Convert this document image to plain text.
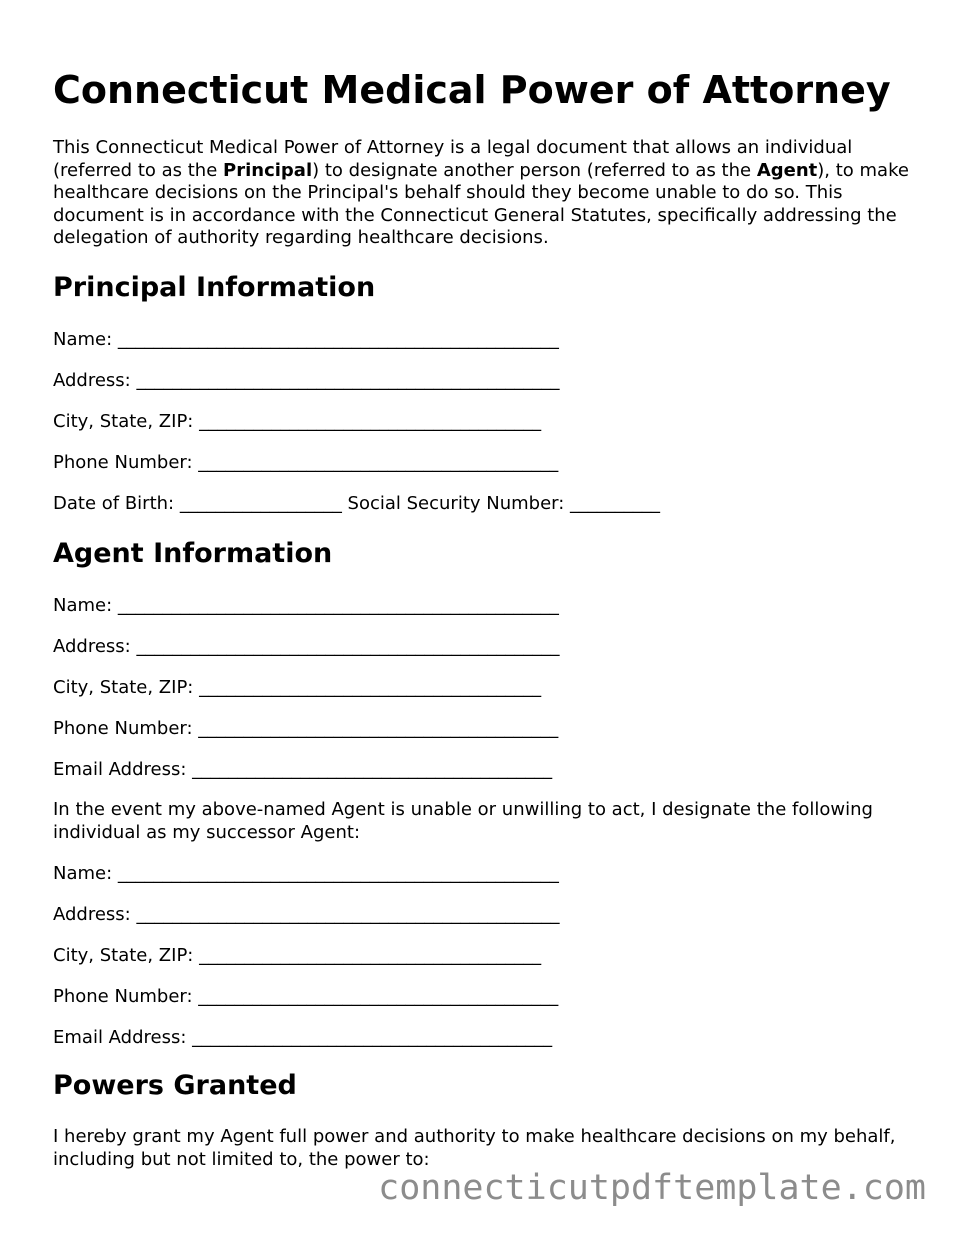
Connecticut Medical Power of Attorney

This Connecticut Medical Power of Attorney is a legal document that allows an individual (referred to as the Principal) to designate another person (referred to as the Agent), to make healthcare decisions on the Principal's behalf should they become unable to do so. This document is in accordance with the Connecticut General Statutes, specifically addressing the delegation of authority regarding healthcare decisions.

Principal Information
Name: _________________________________________________
Address: _______________________________________________
City, State, ZIP: ______________________________________
Phone Number: ________________________________________
Date of Birth: __________________ Social Security Number: __________
Agent Information
Name: _________________________________________________
Address: _______________________________________________
City, State, ZIP: ______________________________________
Phone Number: ________________________________________
Email Address: ________________________________________

In the event my above-named Agent is unable or unwilling to act, I designate the following individual as my successor Agent:

Name: _________________________________________________
Address: _______________________________________________
City, State, ZIP: ______________________________________
Phone Number: ________________________________________
Email Address: ________________________________________
Powers Granted

I hereby grant my Agent full power and authority to make healthcare decisions on my behalf, including but not limited to, the power to:

connecticutpdftemplate.com
